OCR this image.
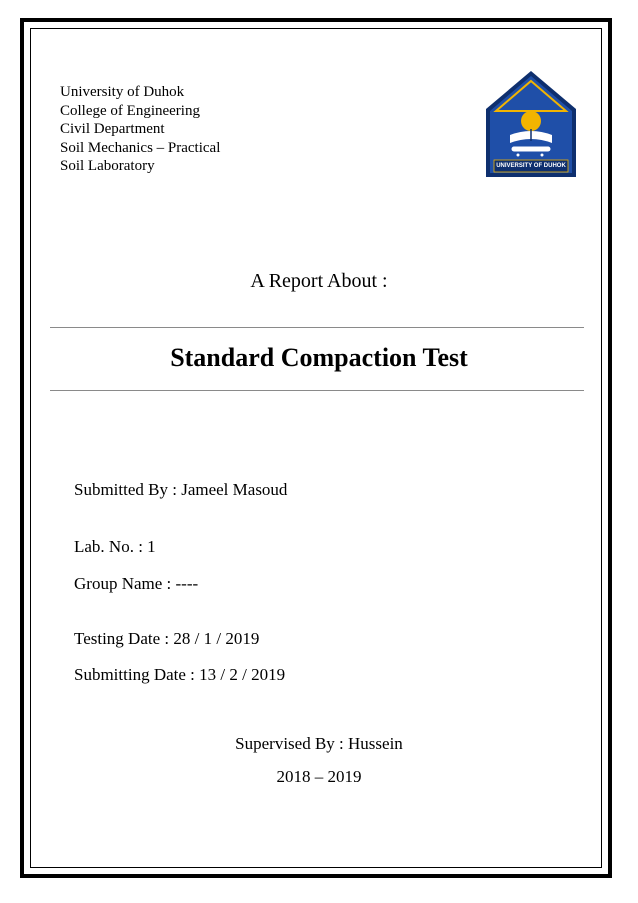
University of Duhok
College of Engineering
Civil Department
Soil Mechanics – Practical
Soil Laboratory	UNIVERSITY OF DUHOK
A Report About :
Standard Compaction Test
Submitted By : Jameel Masoud
Lab. No. : 1
Group Name : ----
Testing Date : 28 / 1 / 2019
Submitting Date : 13 / 2 / 2019
Supervised By : Hussein
2018 – 2019
